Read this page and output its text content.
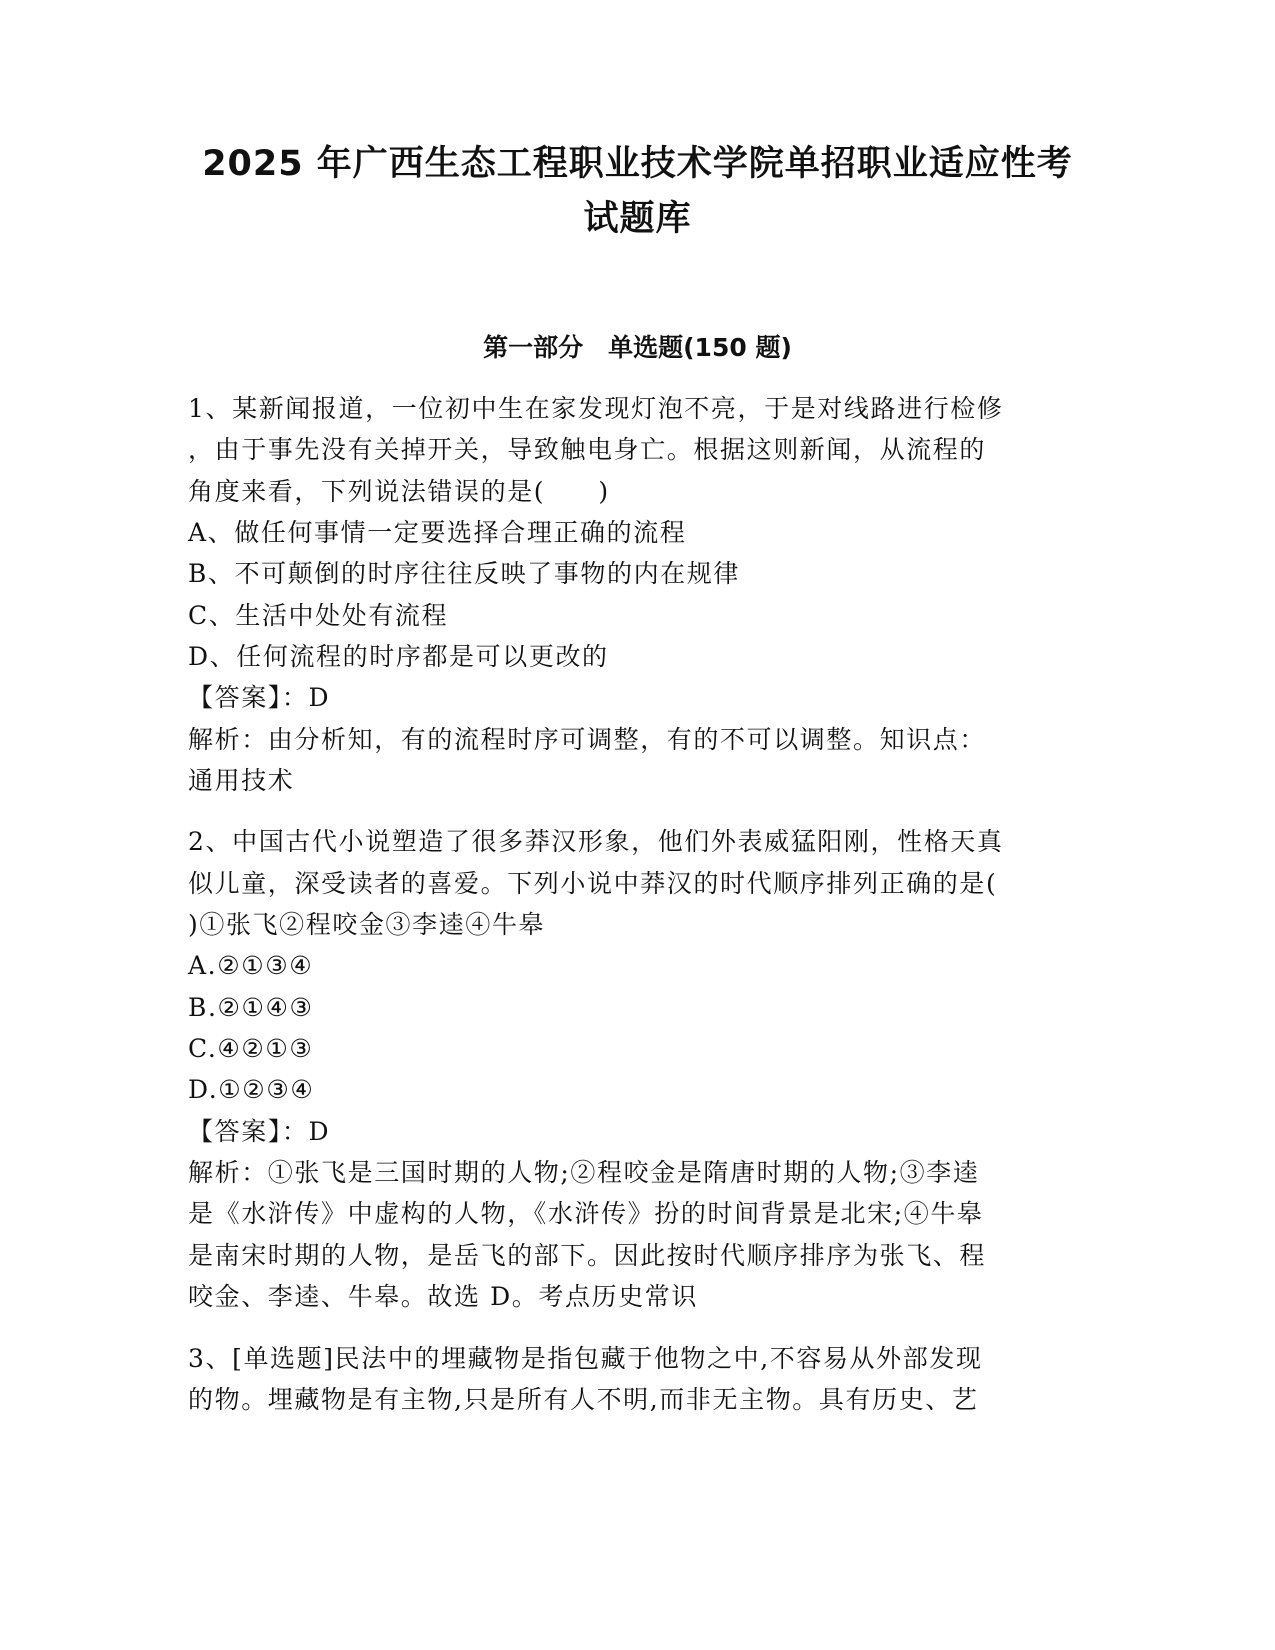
2025 年广西生态工程职业技术学院单招职业适应性考
试题库
第一部分　单选题(150 题)
1、某新闻报道，一位初中生在家发现灯泡不亮，于是对线路进行检修
，由于事先没有关掉开关，导致触电身亡。根据这则新闻，从流程的
角度来看，下列说法错误的是(　　)
A、做任何事情一定要选择合理正确的流程
B、不可颠倒的时序往往反映了事物的内在规律
C、生活中处处有流程
D、任何流程的时序都是可以更改的
【答案】：D
解析：由分析知，有的流程时序可调整，有的不可以调整。知识点：
通用技术
2、中国古代小说塑造了很多莽汉形象，他们外表威猛阳刚，性格天真
似儿童，深受读者的喜爱。下列小说中莽汉的时代顺序排列正确的是(
)①张飞②程咬金③李逵④牛皋
A.②①③④
B.②①④③
C.④②①③
D.①②③④
【答案】：D
解析：①张飞是三国时期的人物;②程咬金是隋唐时期的人物;③李逵
是《水浒传》中虚构的人物，《水浒传》扮的时间背景是北宋;④牛皋
是南宋时期的人物，是岳飞的部下。因此按时代顺序排序为张飞、程
咬金、李逵、牛皋。故选 D。考点历史常识
3、[单选题]民法中的埋藏物是指包藏于他物之中,不容易从外部发现
的物。埋藏物是有主物,只是所有人不明,而非无主物。具有历史、艺
